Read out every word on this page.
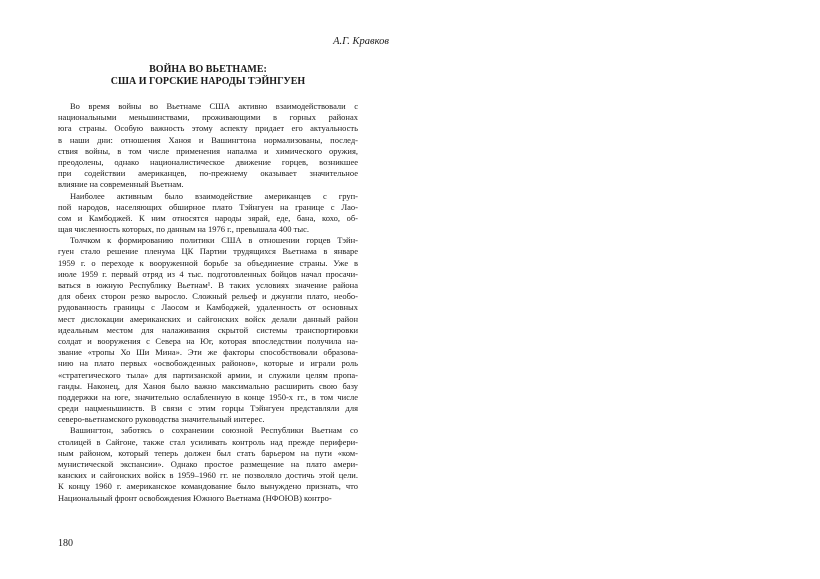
А.Г. Кравков
ВОЙНА ВО ВЬЕТНАМЕ:
США И ГОРСКИЕ НАРОДЫ ТЭЙНГУЕН
Во время войны во Вьетнаме США активно взаимодействовали с
национальными меньшинствами, проживающими в горных районах
юга страны. Особую важность этому аспекту придает его актуальность
в наши дни: отношения Ханоя и Вашингтона нормализованы, послед-
ствия войны, в том числе применения напалма и химического оружия,
преодолены, однако националистическое движение горцев, возникшее
при содействии американцев, по-прежнему оказывает значительное
влияние на современный Вьетнам.
Наиболее активным было взаимодействие американцев с груп-
пой народов, населяющих обширное плато Тэйнгуен на границе с Лао-
сом и Камбоджей. К ним относятся народы зярай, еде, бана, кохо, об-
щая численность которых, по данным на 1976 г., превышала 400 тыс.
Толчком к формированию политики США в отношении горцев Тэйн-
гуен стало решение пленума ЦК Партии трудящихся Вьетнама в январе
1959 г. о переходе к вооруженной борьбе за объединение страны. Уже в
июле 1959 г. первый отряд из 4 тыс. подготовленных бойцов начал просачи-
ваться в южную Республику Вьетнам¹. В таких условиях значение района
для обеих сторон резко выросло. Сложный рельеф и джунгли плато, необо-
рудованность границы с Лаосом и Камбоджей, удаленность от основных
мест дислокации американских и сайгонских войск делали данный район
идеальным местом для налаживания скрытой системы транспортировки
солдат и вооружения с Севера на Юг, которая впоследствии получила на-
звание «тропы Хо Ши Мина». Эти же факторы способствовали образова-
нию на плато первых «освобожденных районов», которые и играли роль
«стратегического тыла» для партизанской армии, и служили целям пропа-
ганды. Наконец, для Ханоя было важно максимально расширить свою базу
поддержки на юге, значительно ослабленную в конце 1950-х гг., в том числе
среди нацменьшинств. В связи с этим горцы Тэйнгуен представляли для
северо-вьетнамского руководства значительный интерес.
Вашингтон, заботясь о сохранении союзной Республики Вьетнам со
столицей в Сайгоне, также стал усиливать контроль над прежде перифери-
ным районом, который теперь должен был стать барьером на пути «ком-
мунистической экспансии». Однако простое размещение на плато амери-
канских и сайгонских войск в 1959–1960 гг. не позволяло достичь этой цели.
К концу 1960 г. американское командование было вынуждено признать, что
Национальный фронт освобождения Южного Вьетнама (НФОЮВ) контро-
180
